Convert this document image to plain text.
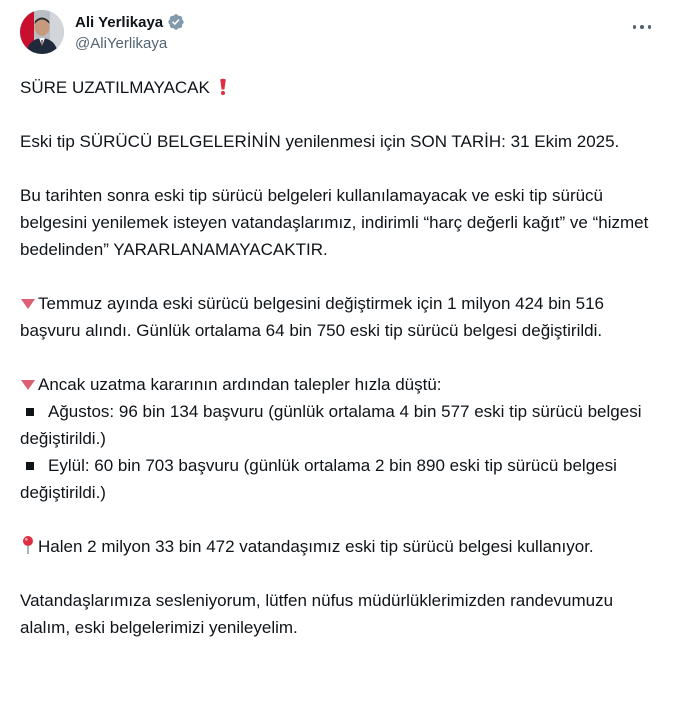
Ali Yerlikaya
@AliYerlikaya

SÜRE UZATILMAYACAK

Eski tip SÜRÜCÜ BELGELERİNİN yenilenmesi için SON TARİH: 31 Ekim 2025.

Bu tarihten sonra eski tip sürücü belgeleri kullanılamayacak ve eski tip sürücü belgesini yenilemek isteyen vatandaşlarımız, indirimli “harç değerli kağıt” ve “hizmet bedelinden” YARARLANAMAYACAKTIR.

Temmuz ayında eski sürücü belgesini değiştirmek için 1 milyon 424 bin 516 başvuru alındı. Günlük ortalama 64 bin 750 eski tip sürücü belgesi değiştirildi.

Ancak uzatma kararının ardından talepler hızla düştü:

Ağustos: 96 bin 134 başvuru (günlük ortalama 4 bin 577 eski tip sürücü belgesi değiştirildi.)

Eylül: 60 bin 703 başvuru (günlük ortalama 2 bin 890 eski tip sürücü belgesi değiştirildi.)

Halen 2 milyon 33 bin 472 vatandaşımız eski tip sürücü belgesi kullanıyor.

Vatandaşlarımıza sesleniyorum, lütfen nüfus müdürlüklerimizden randevumuzu alalım, eski belgelerimizi yenileyelim.
